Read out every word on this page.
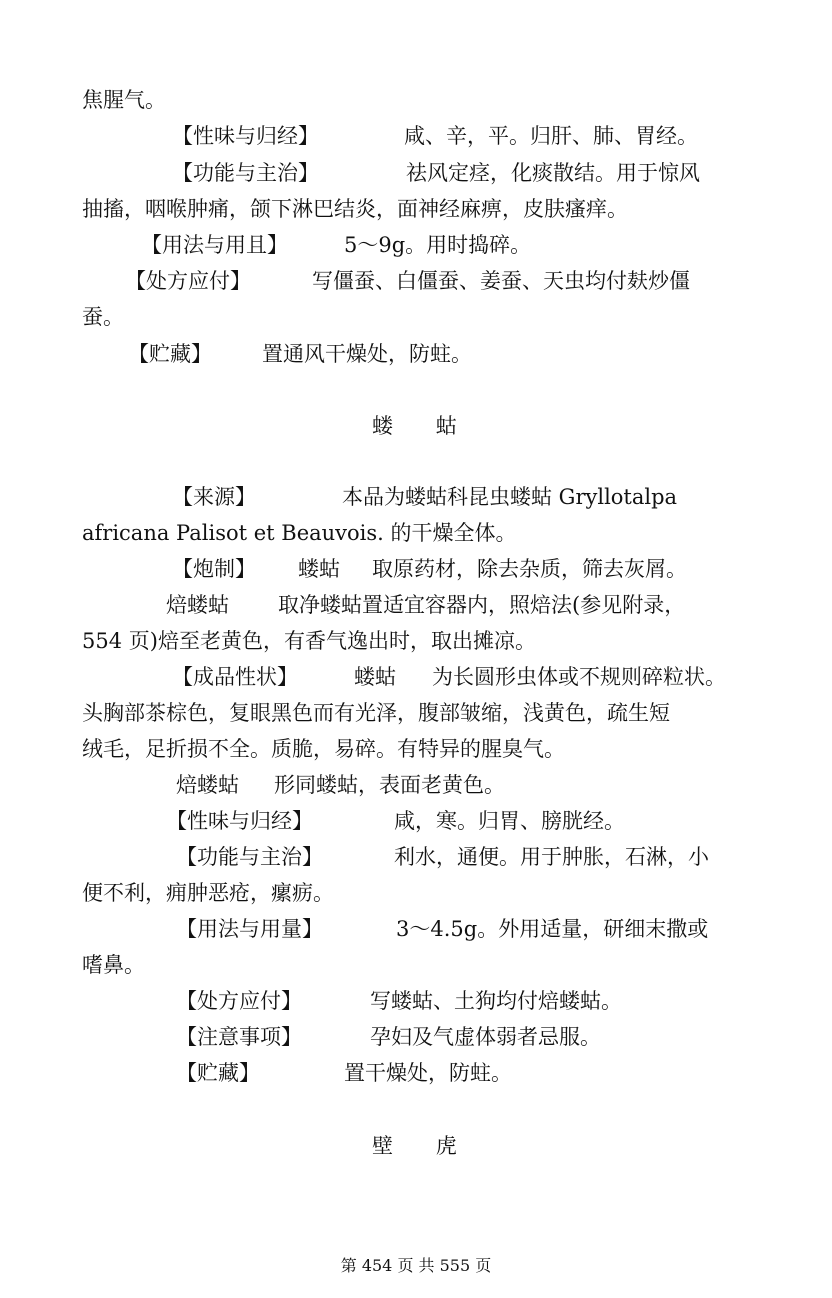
焦腥气。
【性味与归经】	咸、辛，平。归肝、肺、胃经。
【功能与主治】	祛风定痉，化痰散结。用于惊风
抽搐，咽喉肿痛，颌下淋巴结炎，面神经麻痹，皮肤瘙痒。
【用法与用且】	5～9g。用时捣碎。
【处方应付】	写僵蚕、白僵蚕、姜蚕、天虫均付麸炒僵
蚕。
【贮藏】 置通风干燥处，防蛀。
蝼 蛄
【来源】	本品为蝼蛄科昆虫蝼蛄 Gryllotalpa
africana Palisot et Beauvois. 的干燥全体。
【炮制】 蝼蛄 取原药材，除去杂质，筛去灰屑。
焙蝼蛄 取净蝼蛄置适宜容器内，照焙法(参见附录，
554 页)焙至老黄色，有香气逸出时，取出摊凉。
【成品性状】	蝼蛄 为长圆形虫体或不规则碎粒状。
头胸部茶棕色，复眼黑色而有光泽，腹部皱缩，浅黄色，疏生短
绒毛，足折损不全。质脆，易碎。有特异的腥臭气。
焙蝼蛄 形同蝼蛄，表面老黄色。
【性味与归经】	咸，寒。归胃、膀胱经。
【功能与主治】	利水，通便。用于肿胀，石淋，小
便不利，痈肿恶疮，瘰疬。
【用法与用量】	3～4.5g。外用适量，研细末撒或
嗜鼻。
【处方应付】	写蝼蛄、土狗均付焙蝼蛄。
【注意事项】	孕妇及气虚体弱者忌服。
【贮藏】	置干燥处，防蛀。
壁 虎
第 454 页 共 555 页
